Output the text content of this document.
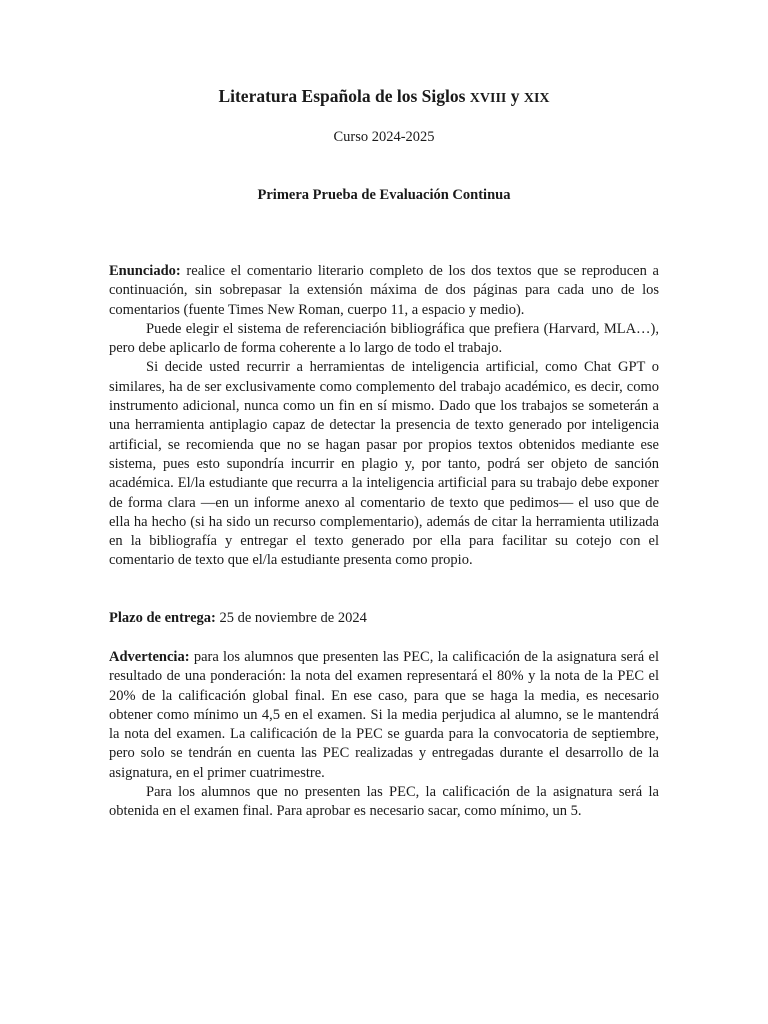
Literatura Española de los Siglos XVIII y XIX

Curso 2024-2025

Primera Prueba de Evaluación Continua

Enunciado: realice el comentario literario completo de los dos textos que se reproducen a continuación, sin sobrepasar la extensión máxima de dos páginas para cada uno de los comentarios (fuente Times New Roman, cuerpo 11, a espacio y medio).

Puede elegir el sistema de referenciación bibliográfica que prefiera (Harvard, MLA…), pero debe aplicarlo de forma coherente a lo largo de todo el trabajo.

Si decide usted recurrir a herramientas de inteligencia artificial, como Chat GPT o similares, ha de ser exclusivamente como complemento del trabajo académico, es decir, como instrumento adicional, nunca como un fin en sí mismo. Dado que los trabajos se someterán a una herramienta antiplagio capaz de detectar la presencia de texto generado por inteligencia artificial, se recomienda que no se hagan pasar por propios textos obtenidos mediante ese sistema, pues esto supondría incurrir en plagio y, por tanto, podrá ser objeto de sanción académica. El/la estudiante que recurra a la inteligencia artificial para su trabajo debe exponer de forma clara —en un informe anexo al comentario de texto que pedimos— el uso que de ella ha hecho (si ha sido un recurso complementario), además de citar la herramienta utilizada en la bibliografía y entregar el texto generado por ella para facilitar su cotejo con el comentario de texto que el/la estudiante presenta como propio.

Plazo de entrega: 25 de noviembre de 2024

Advertencia: para los alumnos que presenten las PEC, la calificación de la asignatura será el resultado de una ponderación: la nota del examen representará el 80% y la nota de la PEC el 20% de la calificación global final. En ese caso, para que se haga la media, es necesario obtener como mínimo un 4,5 en el examen. Si la media perjudica al alumno, se le mantendrá la nota del examen. La calificación de la PEC se guarda para la convocatoria de septiembre, pero solo se tendrán en cuenta las PEC realizadas y entregadas durante el desarrollo de la asignatura, en el primer cuatrimestre.

Para los alumnos que no presenten las PEC, la calificación de la asignatura será la obtenida en el examen final. Para aprobar es necesario sacar, como mínimo, un 5.
